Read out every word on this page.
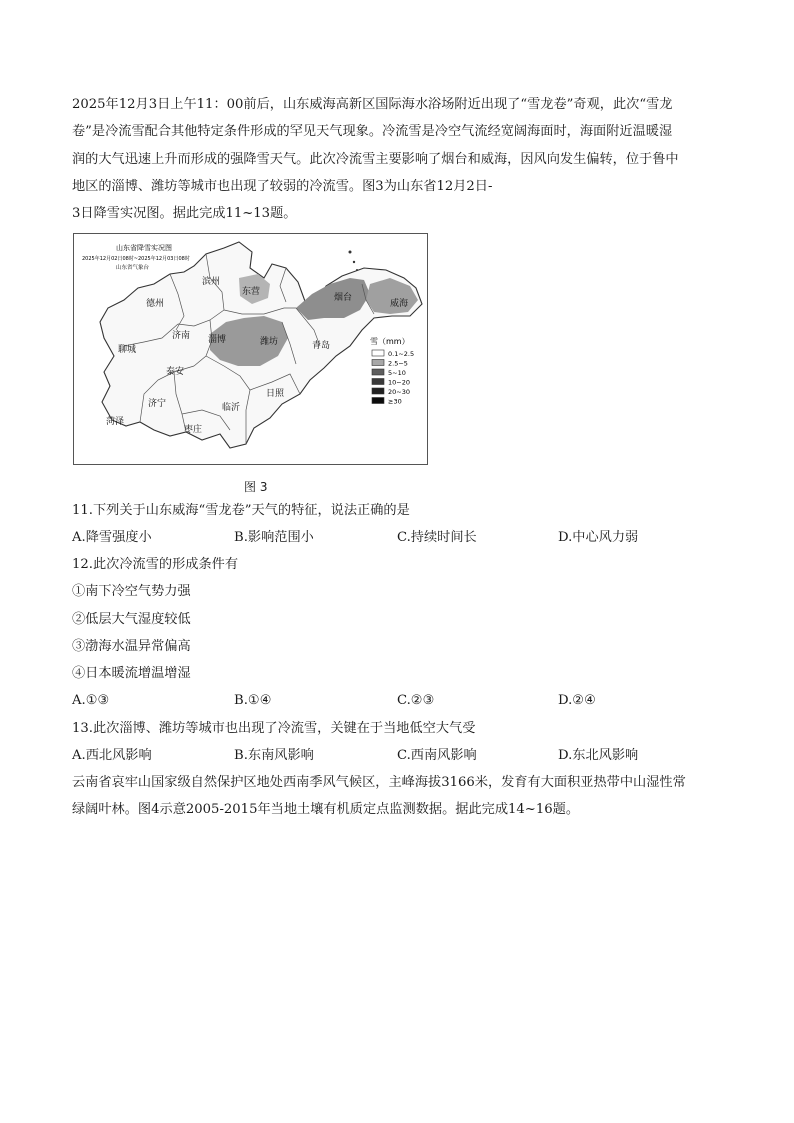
2025年12月3日上午11：00前后，山东威海高新区国际海水浴场附近出现了“雪龙卷”奇观，此次“雪龙
卷”是冷流雪配合其他特定条件形成的罕见天气现象。冷流雪是冷空气流经宽阔海面时，海面附近温暖湿
润的大气迅速上升而形成的强降雪天气。此次冷流雪主要影响了烟台和威海，因风向发生偏转，位于鲁中
地区的淄博、潍坊等城市也出现了较弱的冷流雪。图3为山东省12月2日-
3日降雪实况图。据此完成11~13题。
山东省降雪实况图
2025年12月02日08时~2025年12月03日08时
山东省气象台
滨州
东营
烟台
威海
德州
济南 淄博	潍坊
聊城
泰安
青岛
济宁	临沂
日照
菏泽
枣庄
雪（mm）
0.1~2.5
2.5~5
5~10
10~20
20~30
≥30
图 3
11.下列关于山东威海“雪龙卷”天气的特征，说法正确的是
A.降雪强度小	B.影响范围小	C.持续时间长	D.中心风力弱
12.此次冷流雪的形成条件有
①南下冷空气势力强
②低层大气湿度较低
③渤海水温异常偏高
④日本暖流增温增湿
A.①③	B.①④	C.②③	D.②④
13.此次淄博、潍坊等城市也出现了冷流雪，关键在于当地低空大气受
A.西北风影响	B.东南风影响	C.西南风影响	D.东北风影响
云南省哀牢山国家级自然保护区地处西南季风气候区，主峰海拔3166米，发育有大面积亚热带中山湿性常
绿阔叶林。图4示意2005-2015年当地土壤有机质定点监测数据。据此完成14~16题。
